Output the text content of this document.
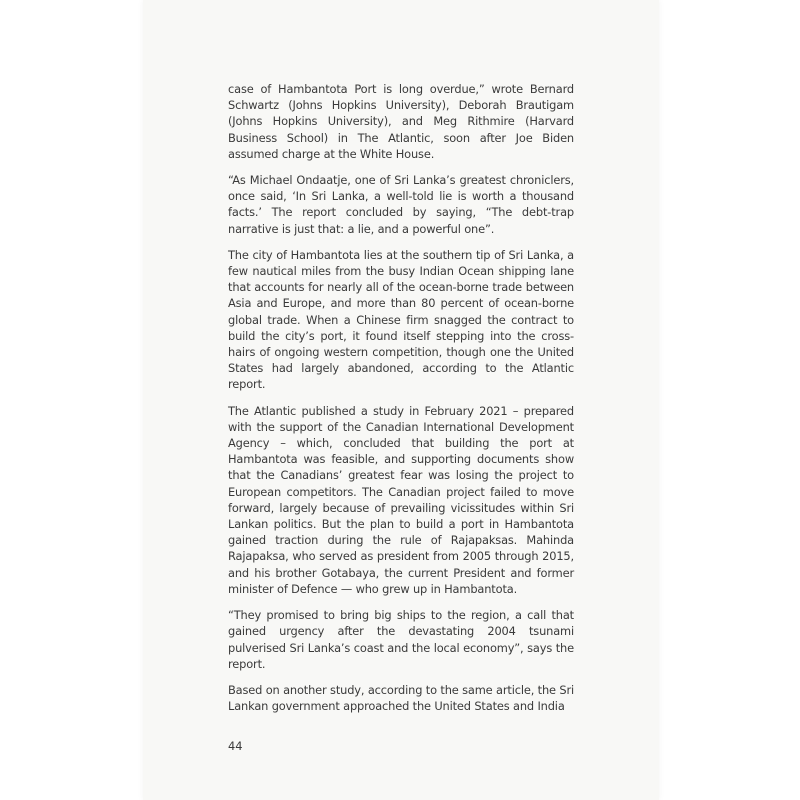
case of Hambantota Port is long overdue,” wrote Bernard Schwartz (Johns Hopkins University), Deborah Brautigam (Johns Hopkins University), and Meg Rithmire (Harvard Business School) in The Atlantic, soon after Joe Biden assumed charge at the White House.

“As Michael Ondaatje, one of Sri Lanka’s greatest chroniclers, once said, ‘In Sri Lanka, a well-told lie is worth a thousand facts.’ The report concluded by saying, “The debt-trap narrative is just that: a lie, and a powerful one”.

The city of Hambantota lies at the southern tip of Sri Lanka, a few nautical miles from the busy Indian Ocean shipping lane that accounts for nearly all of the ocean-borne trade between Asia and Europe, and more than 80 percent of ocean-borne global trade. When a Chinese firm snagged the contract to build the city’s port, it found itself stepping into the cross-hairs of ongoing western competition, though one the United States had largely abandoned, according to the Atlantic report.

The Atlantic published a study in February 2021 – prepared with the support of the Canadian International Development Agency – which, concluded that building the port at Hambantota was feasible, and supporting documents show that the Canadians’ greatest fear was losing the project to European competitors. The Canadian project failed to move forward, largely because of prevailing vicissitudes within Sri Lankan politics. But the plan to build a port in Hambantota gained traction during the rule of Rajapaksas. Mahinda Rajapaksa, who served as president from 2005 through 2015, and his brother Gotabaya, the current President and former minister of Defence — who grew up in Hambantota.

“They promised to bring big ships to the region, a call that gained urgency after the devastating 2004 tsunami pulverised Sri Lanka’s coast and the local economy”, says the report.

Based on another study, according to the same article, the Sri Lankan government approached the United States and India

44
